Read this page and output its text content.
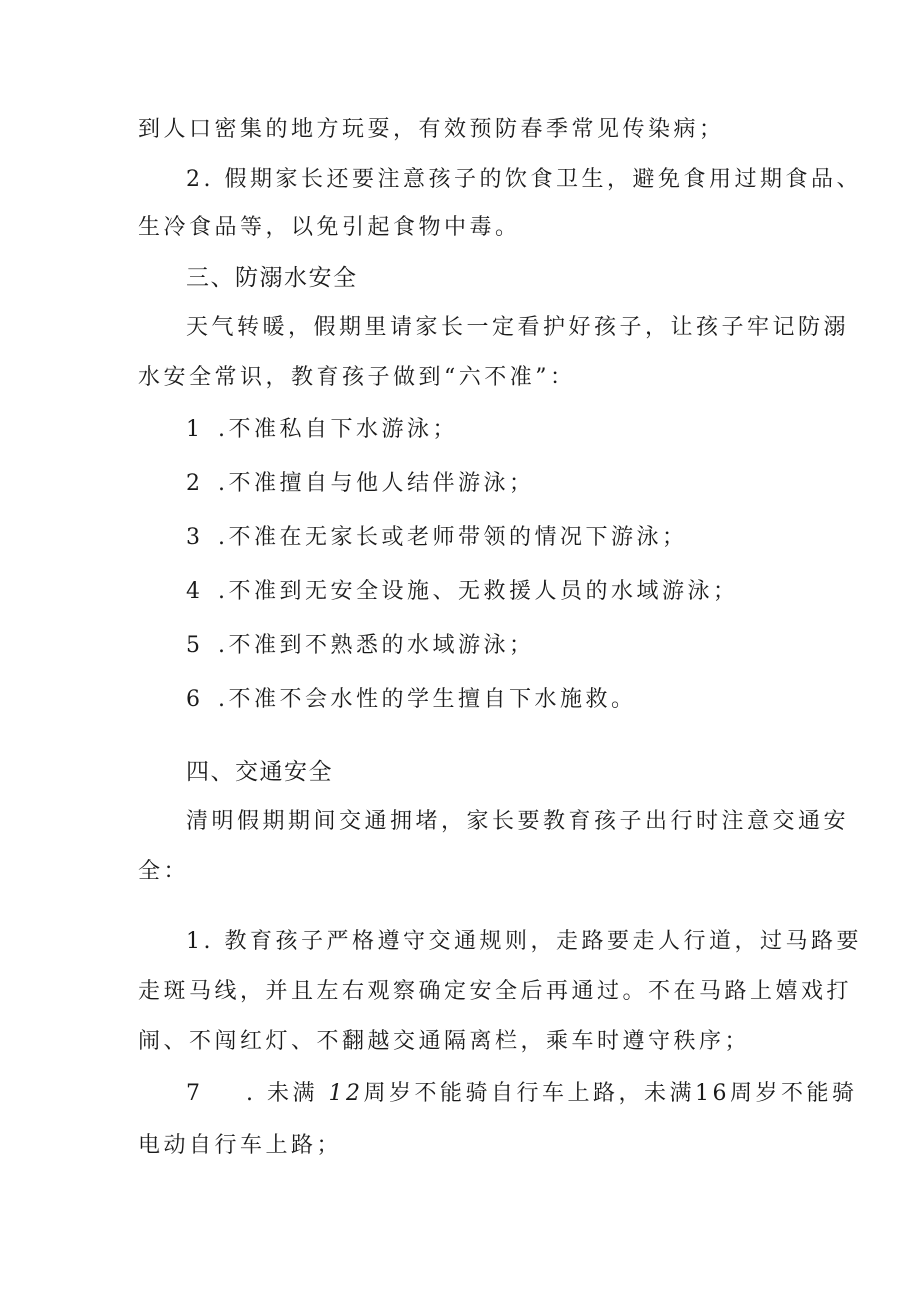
到人口密集的地方玩耍，有效预防春季常见传染病；
2. 假期家长还要注意孩子的饮食卫生，避免食用过期食品、
生冷食品等，以免引起食物中毒。
三、防溺水安全
天气转暖，假期里请家长一定看护好孩子，让孩子牢记防溺
水安全常识，教育孩子做到“六不准”：
1 .不准私自下水游泳；
2 .不准擅自与他人结伴游泳；
3 .不准在无家长或老师带领的情况下游泳；
4 .不准到无安全设施、无救援人员的水域游泳；
5 .不准到不熟悉的水域游泳；
6 .不准不会水性的学生擅自下水施救。
四、交通安全
清明假期期间交通拥堵，家长要教育孩子出行时注意交通安
全：
1. 教育孩子严格遵守交通规则，走路要走人行道，过马路要
走斑马线，并且左右观察确定安全后再通过。不在马路上嬉戏打
闹、不闯红灯、不翻越交通隔离栏，乘车时遵守秩序；
7 . 未满 12周岁不能骑自行车上路，未满16周岁不能骑
电动自行车上路；
